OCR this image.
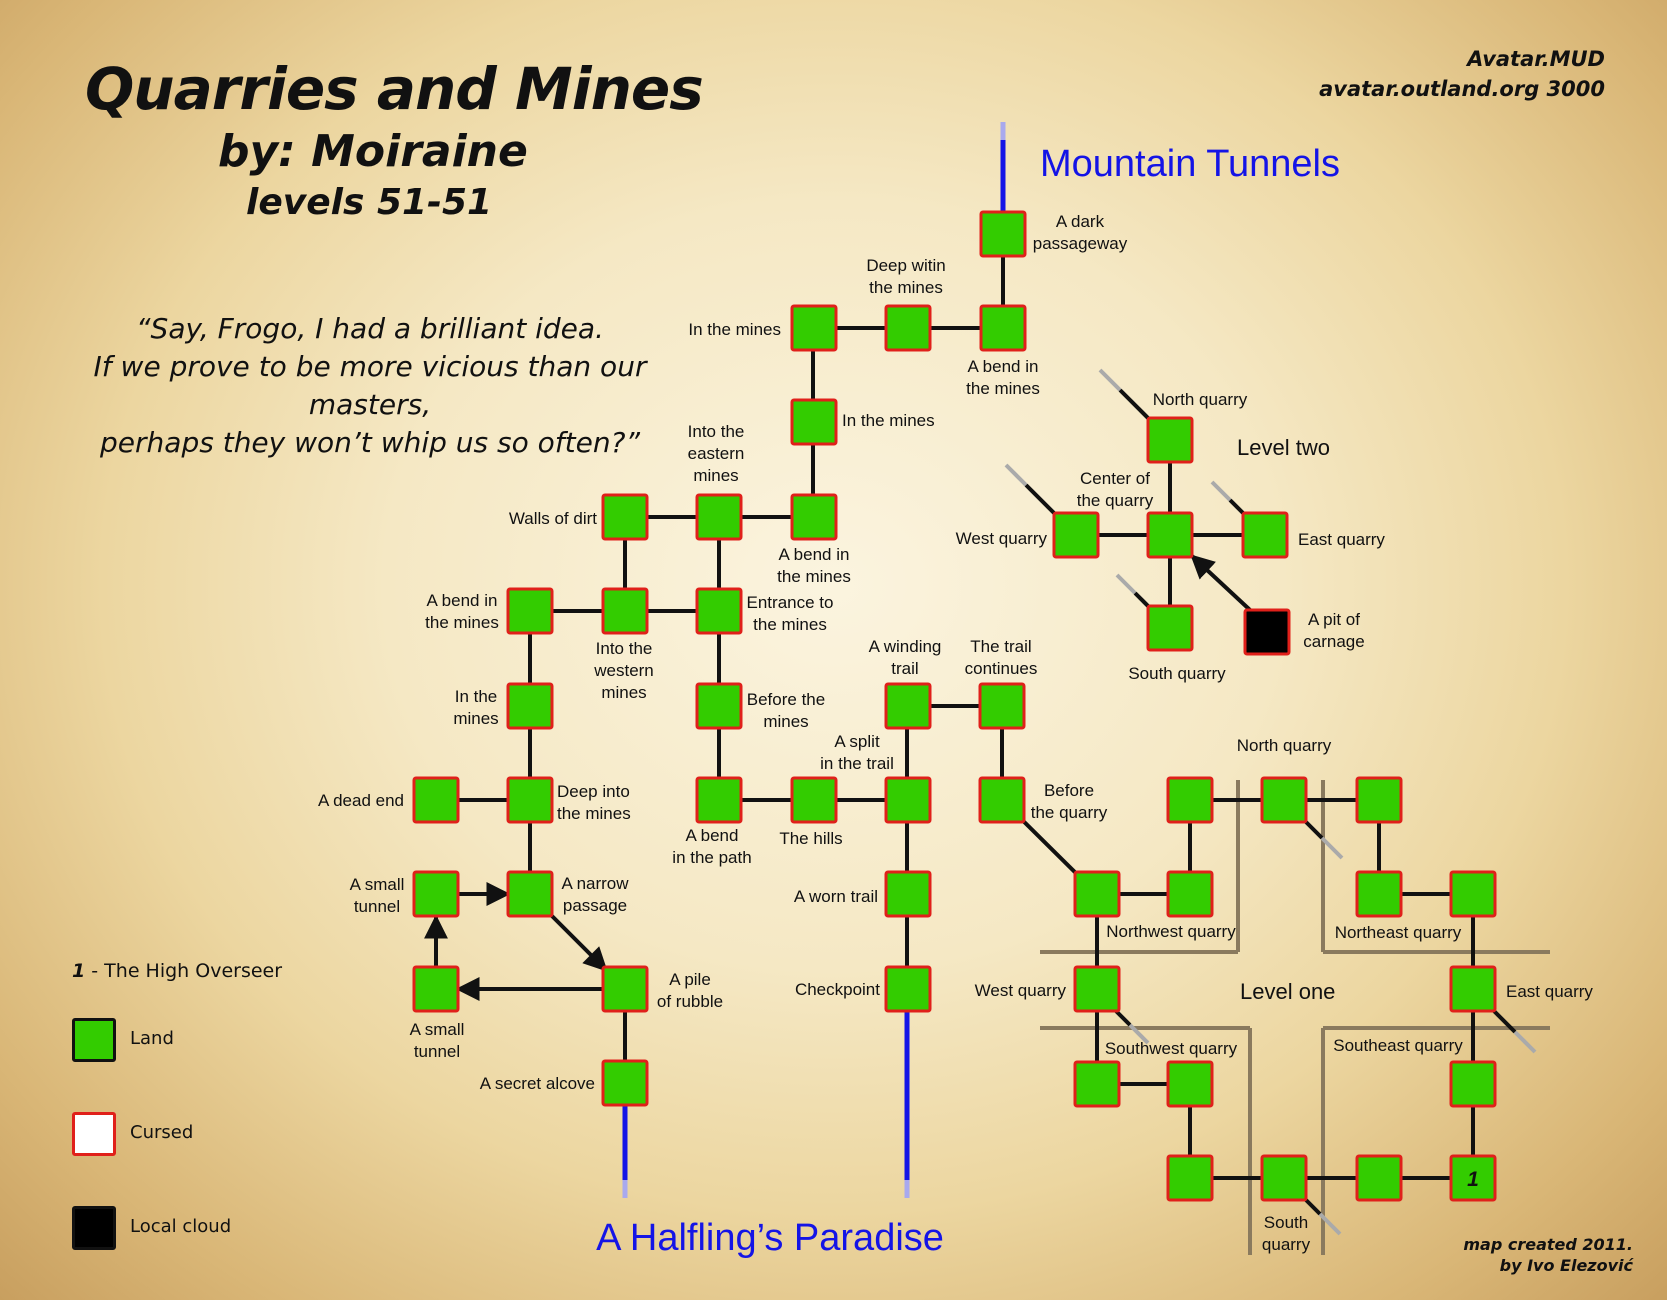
Quarries and Mines
by: Moiraine
levels 51-51
Avatar.MUD
avatar.outland.org 3000
“Say, Frogo, I had a brilliant idea.
If we prove to be more vicious than our masters,
perhaps they won’t whip us so often?”
1 - The High Overseer
Land
Cursed
Local cloud
map created 2011.
by Ivo Elezović
1
Mountain Tunnels
A Halfling’s Paradise
Level two
Level one
A dark passageway
Deep witin the mines
In the mines
A bend in the mines
In the mines
Into the eastern mines
Walls of dirt
A bend in the mines
A bend in the mines
Into the western mines
Entrance to the mines
In the mines
Before the mines
A dead end	Deep into the mines
A bend in the path
The hills
A split in the trail
A winding trail
The trail continues
Before the quarry
A small tunnel
A narrow passage	A worn trail
A small tunnel
A pile of rubble
Checkpoint
A secret alcove
North quarry
Center of the quarry
West quarry	East quarry
South quarry
A pit of carnage
Northwest quarry
North quarry
Northeast quarry
West quarry	East quarry
Southwest quarry	Southeast quarry
South quarry
